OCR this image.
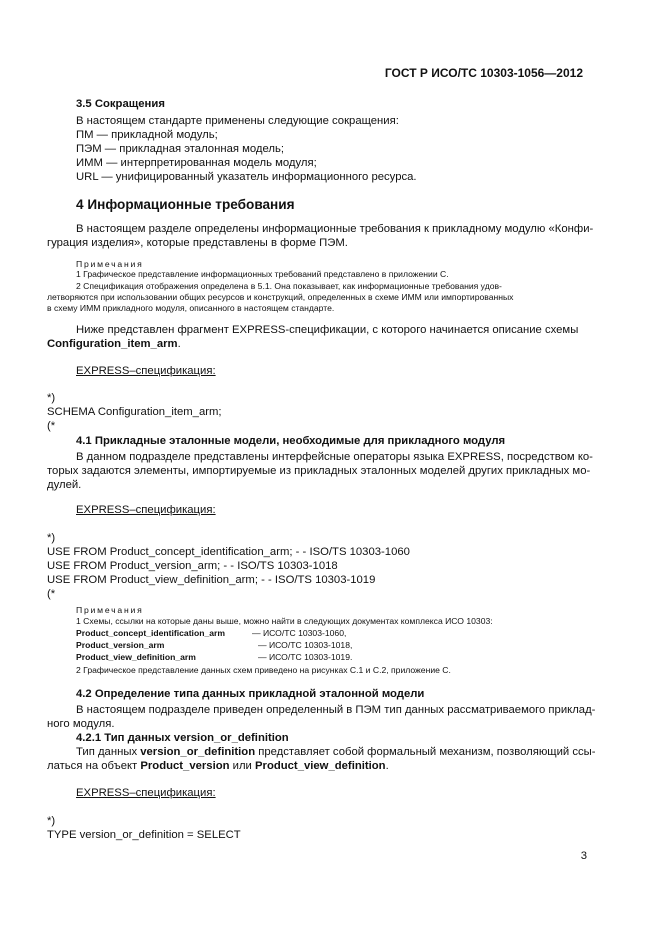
ГОСТ Р ИСО/ТС 10303-1056—2012
3.5 Сокращения
В настоящем стандарте применены следующие сокращения:
ПМ — прикладной модуль;
ПЭМ — прикладная эталонная модель;
ИММ — интерпретированная модель модуля;
URL — унифицированный указатель информационного ресурса.
4 Информационные требования
В настоящем разделе определены информационные требования к прикладному модулю «Конфи-
гурация изделия», которые представлены в форме ПЭМ.
Примечания
1 Графическое представление информационных требований представлено в приложении С.
2 Спецификация отображения определена в 5.1. Она показывает, как информационные требования удов-
летворяются при использовании общих ресурсов и конструкций, определенных в схеме ИММ или импортированных
в схему ИММ прикладного модуля, описанного в настоящем стандарте.
Ниже представлен фрагмент EXPRESS-спецификации, с которого начинается описание схемы
Configuration_item_arm.
EXPRESS–спецификация:
*)
SCHEMA Configuration_item_arm;
(*
4.1 Прикладные эталонные модели, необходимые для прикладного модуля
В данном подразделе представлены интерфейсные операторы языка EXPRESS, посредством ко-
торых задаются элементы, импортируемые из прикладных эталонных моделей других прикладных мо-
дулей.
EXPRESS–спецификация:
*)
USE FROM Product_concept_identification_arm; - - ISO/TS 10303-1060
USE FROM Product_version_arm; - - ISO/TS 10303-1018
USE FROM Product_view_definition_arm; - - ISO/TS 10303-1019
(*
Примечания
1 Схемы, ссылки на которые даны выше, можно найти в следующих документах комплекса ИСО 10303:
Product_concept_identification_arm	— ИСО/ТС 10303-1060,
Product_version_arm	— ИСО/ТС 10303-1018,
Product_view_definition_arm	— ИСО/ТС 10303-1019.
2 Графическое представление данных схем приведено на рисунках С.1 и С.2, приложение С.
4.2 Определение типа данных прикладной эталонной модели
В настоящем подразделе приведен определенный в ПЭМ тип данных рассматриваемого приклад-
ного модуля.
4.2.1 Тип данных version_or_definition
Тип данных version_or_definition представляет собой формальный механизм, позволяющий ссы-
латься на объект Product_version или Product_view_definition.
EXPRESS–спецификация:
*)
TYPE version_or_definition = SELECT
3
